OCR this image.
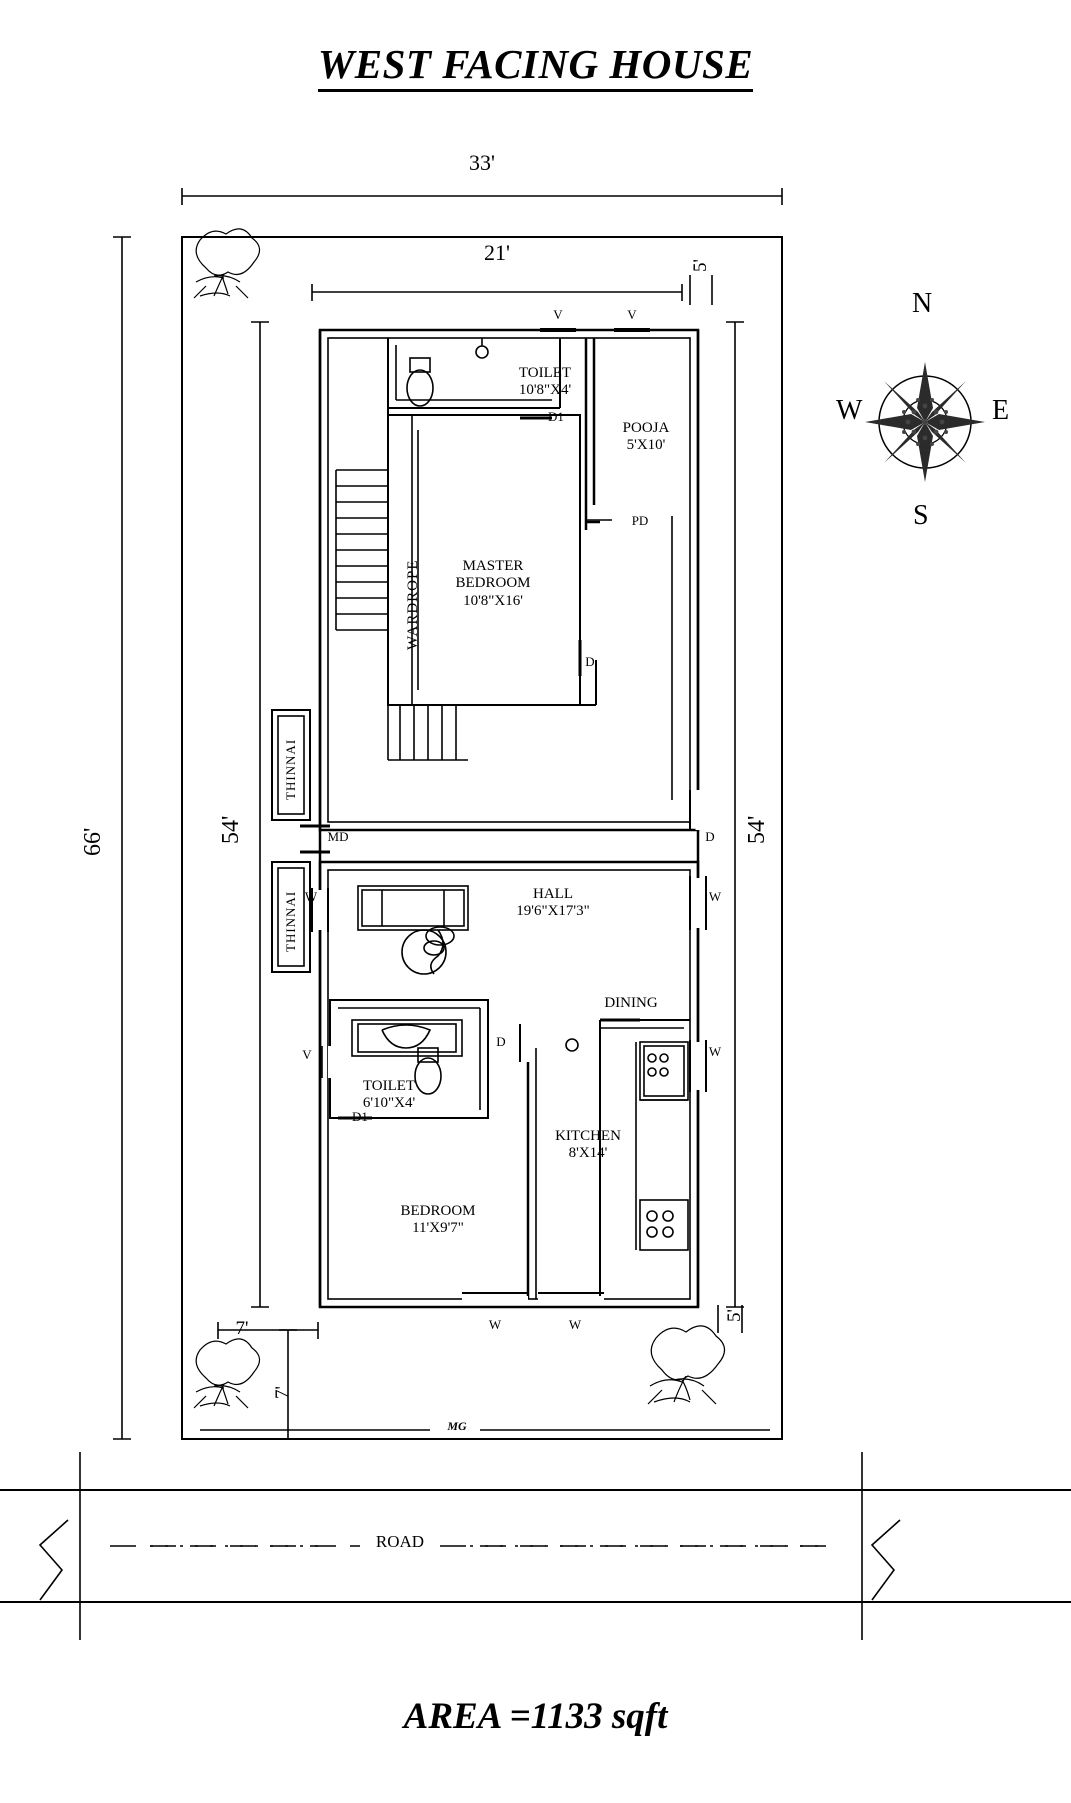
WEST FACING HOUSE
33'
21'
5'
66'	54'	54'
5'
7'
7'
TOILET
10'8"X4'
POOJA
5'X10'
MASTER
BEDROOM
10'8"X16'
WARDROPE
THINNAI
THINNAI	HALL
19'6"X17'3"
DINING
TOILET
6'10"X4'
KITCHEN
8'X14'
BEDROOM
11'X9'7"
V	V
D1
PD
D
MD	D
W	W
W
D
V
D1
W	W
MG
ROAD
N
S
W	E
AREA =1133 sqft
